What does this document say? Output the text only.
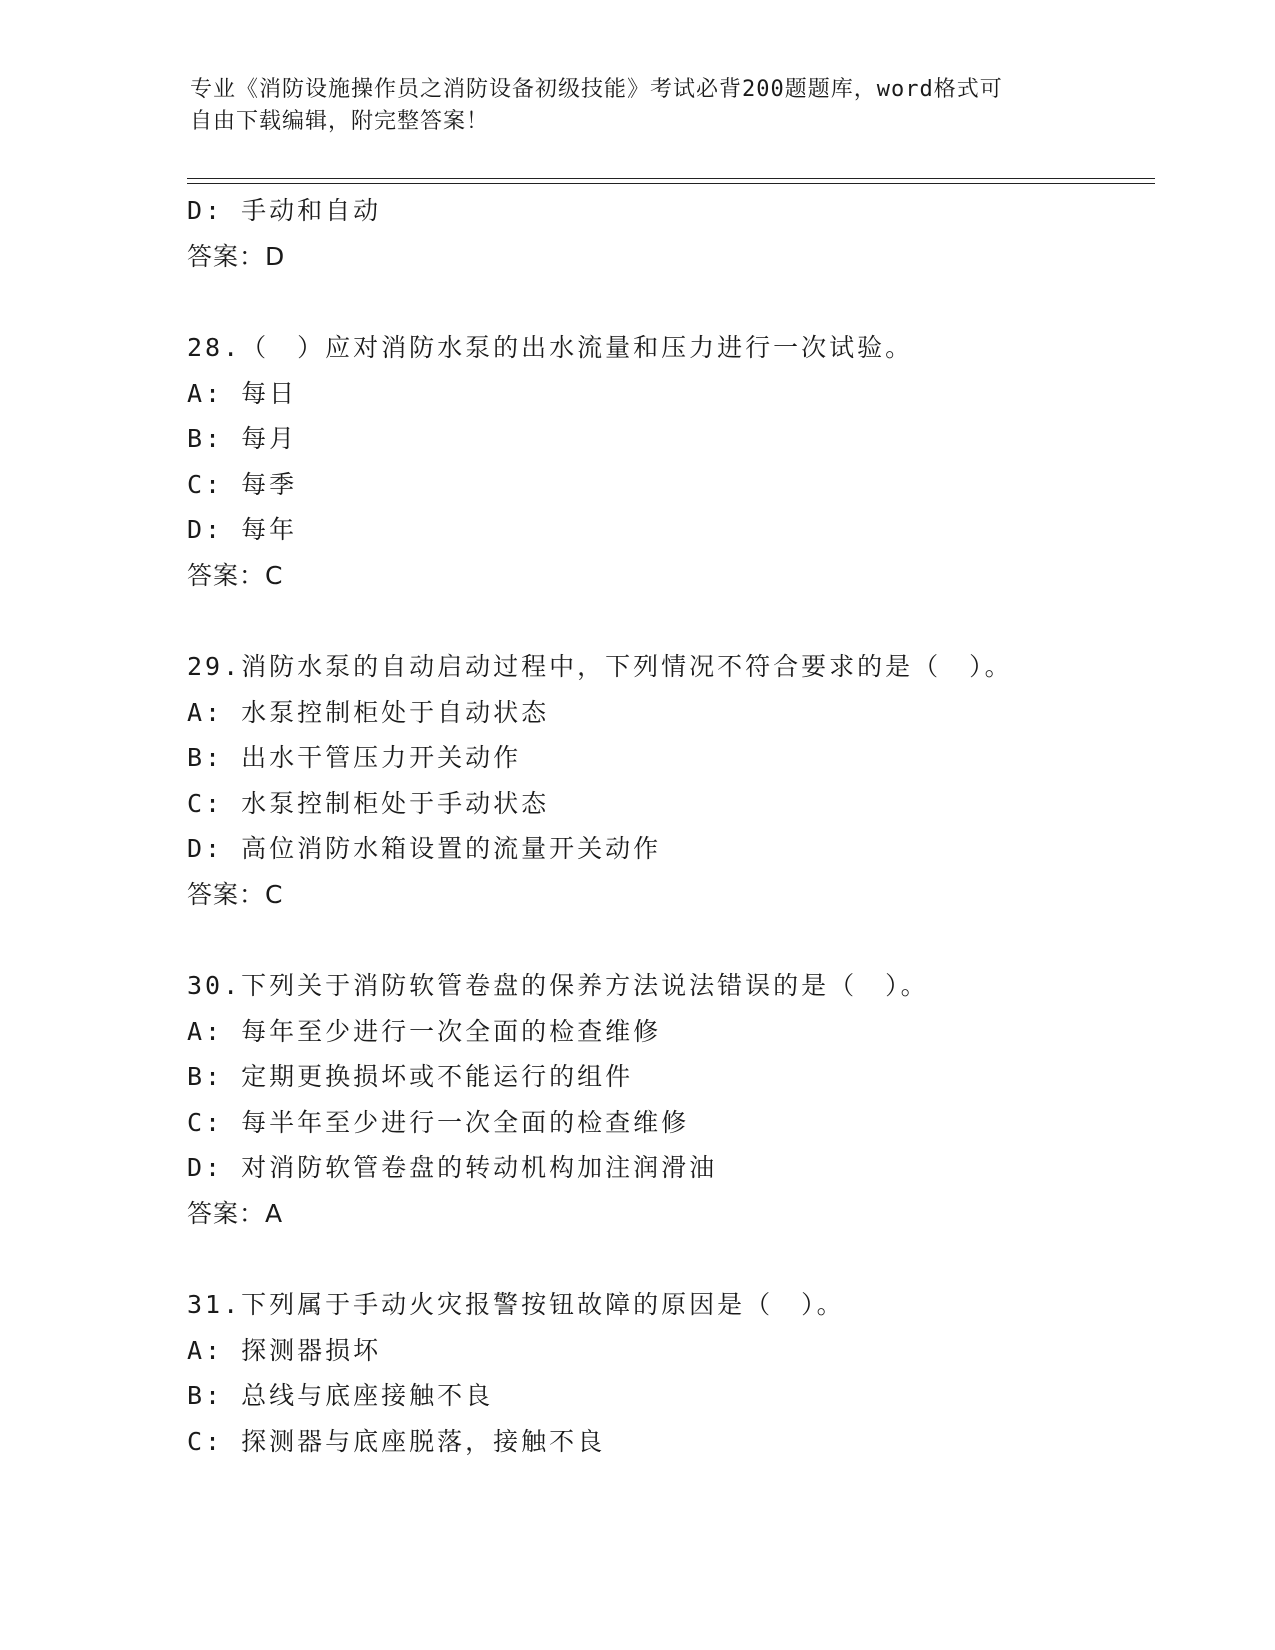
专业《消防设施操作员之消防设备初级技能》考试必背200题题库，word格式可
自由下载编辑，附完整答案！
D: 手动和自动
答案：D
28.（　）应对消防水泵的出水流量和压力进行一次试验。
A: 每日
B: 每月
C: 每季
D: 每年
答案：C
29.消防水泵的自动启动过程中，下列情况不符合要求的是（　）。
A: 水泵控制柜处于自动状态
B: 出水干管压力开关动作
C: 水泵控制柜处于手动状态
D: 高位消防水箱设置的流量开关动作
答案：C
30.下列关于消防软管卷盘的保养方法说法错误的是（　）。
A: 每年至少进行一次全面的检查维修
B: 定期更换损坏或不能运行的组件
C: 每半年至少进行一次全面的检查维修
D: 对消防软管卷盘的转动机构加注润滑油
答案：A
31.下列属于手动火灾报警按钮故障的原因是（　）。
A: 探测器损坏
B: 总线与底座接触不良
C: 探测器与底座脱落，接触不良
